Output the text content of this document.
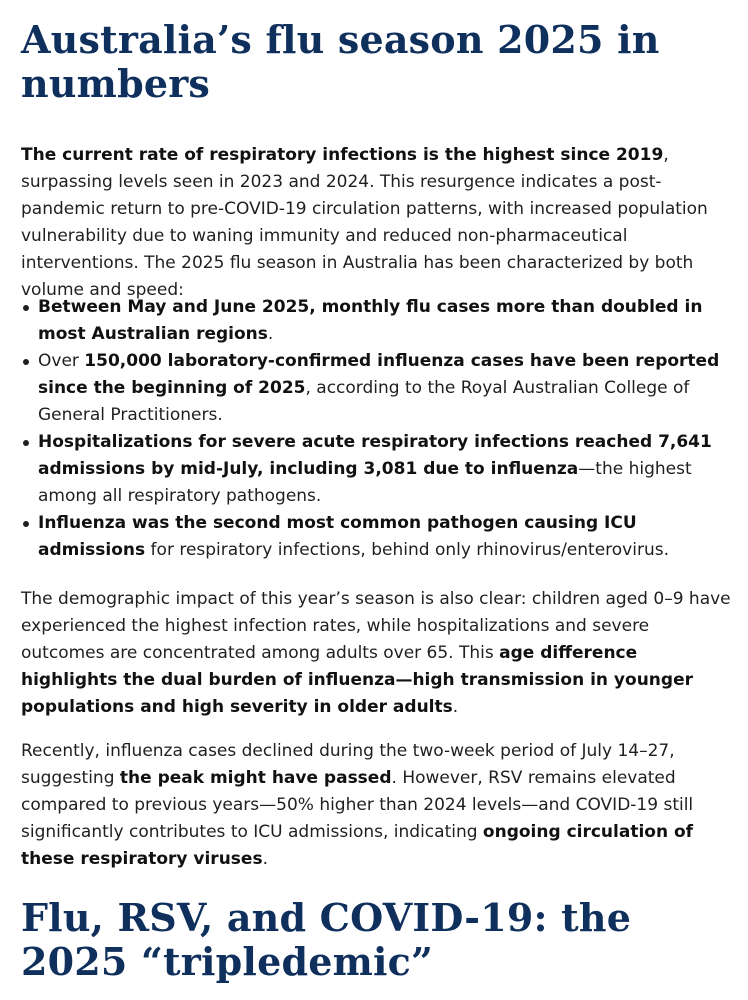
Australia’s flu season 2025 in numbers

The current rate of respiratory infections is the highest since 2019, surpassing levels seen in 2023 and 2024. This resurgence indicates a post-pandemic return to pre-COVID-19 circulation patterns, with increased population vulnerability due to waning immunity and reduced non-pharmaceutical interventions. The 2025 flu season in Australia has been characterized by both volume and speed:

Between May and June 2025, monthly flu cases more than doubled in most Australian regions.
Over 150,000 laboratory-confirmed influenza cases have been reported since the beginning of 2025, according to the Royal Australian College of General Practitioners.
Hospitalizations for severe acute respiratory infections reached 7,641 admissions by mid-July, including 3,081 due to influenza—the highest among all respiratory pathogens.
Influenza was the second most common pathogen causing ICU admissions for respiratory infections, behind only rhinovirus/enterovirus.

The demographic impact of this year’s season is also clear: children aged 0–9 have experienced the highest infection rates, while hospitalizations and severe outcomes are concentrated among adults over 65. This age difference highlights the dual burden of influenza—high transmission in younger populations and high severity in older adults.

Recently, influenza cases declined during the two-week period of July 14–27, suggesting the peak might have passed. However, RSV remains elevated compared to previous years—50% higher than 2024 levels—and COVID-19 still significantly contributes to ICU admissions, indicating ongoing circulation of these respiratory viruses.

Flu, RSV, and COVID-19: the 2025 “tripledemic”
